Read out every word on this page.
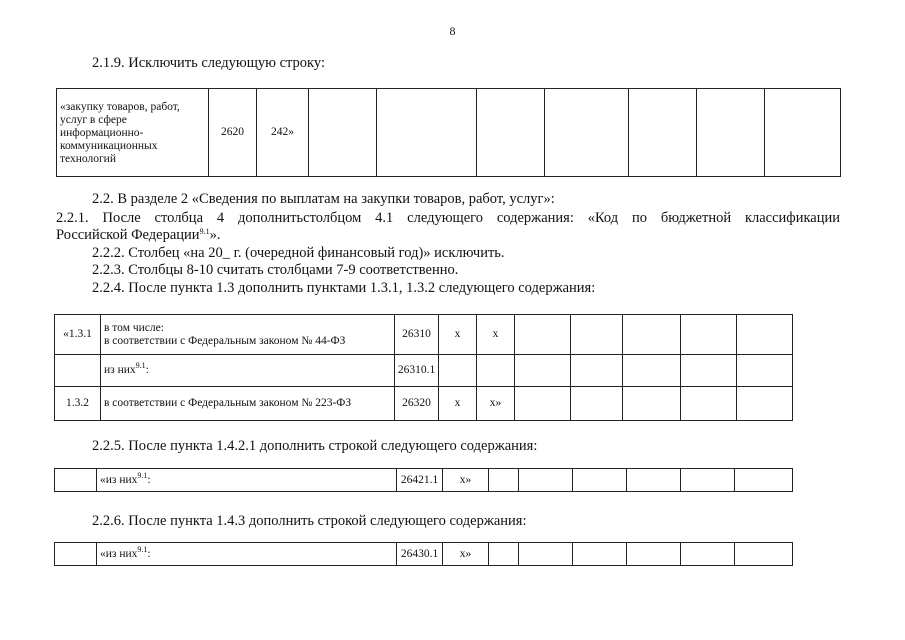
8
2.1.9. Исключить следующую строку:
«закупку товаров, работ, услуг в сфере информационно-коммуникационных технологий	2620	242»							
2.2. В разделе 2 «Сведения по выплатам на закупки товаров, работ, услуг»:
2.2.1. После столбца 4 дополнитьстолбцом 4.1 следующего содержания: «Код по бюджетной классификации
Российской Федерации$^{9.1}$».
2.2.2. Столбец «на 20_ г. (очередной финансовый год)» исключить.
2.2.3. Столбцы 8-10 считать столбцами 7-9 соответственно.
2.2.4. После пункта 1.3 дополнить пунктами 1.3.1, 1.3.2 следующего содержания:
«1.3.1	в том числе:
в соответствии с Федеральным законом № 44-ФЗ	26310	х	х					
	из них$^{9.1}$:	26310.1							
1.3.2	в соответствии с Федеральным законом № 223-ФЗ	26320	х	х»					
2.2.5. После пункта 1.4.2.1 дополнить строкой следующего содержания:
	«из них$^{9.1}$:	26421.1	х»						
2.2.6. После пункта 1.4.3 дополнить строкой следующего содержания:
	«из них$^{9.1}$:	26430.1	х»						
